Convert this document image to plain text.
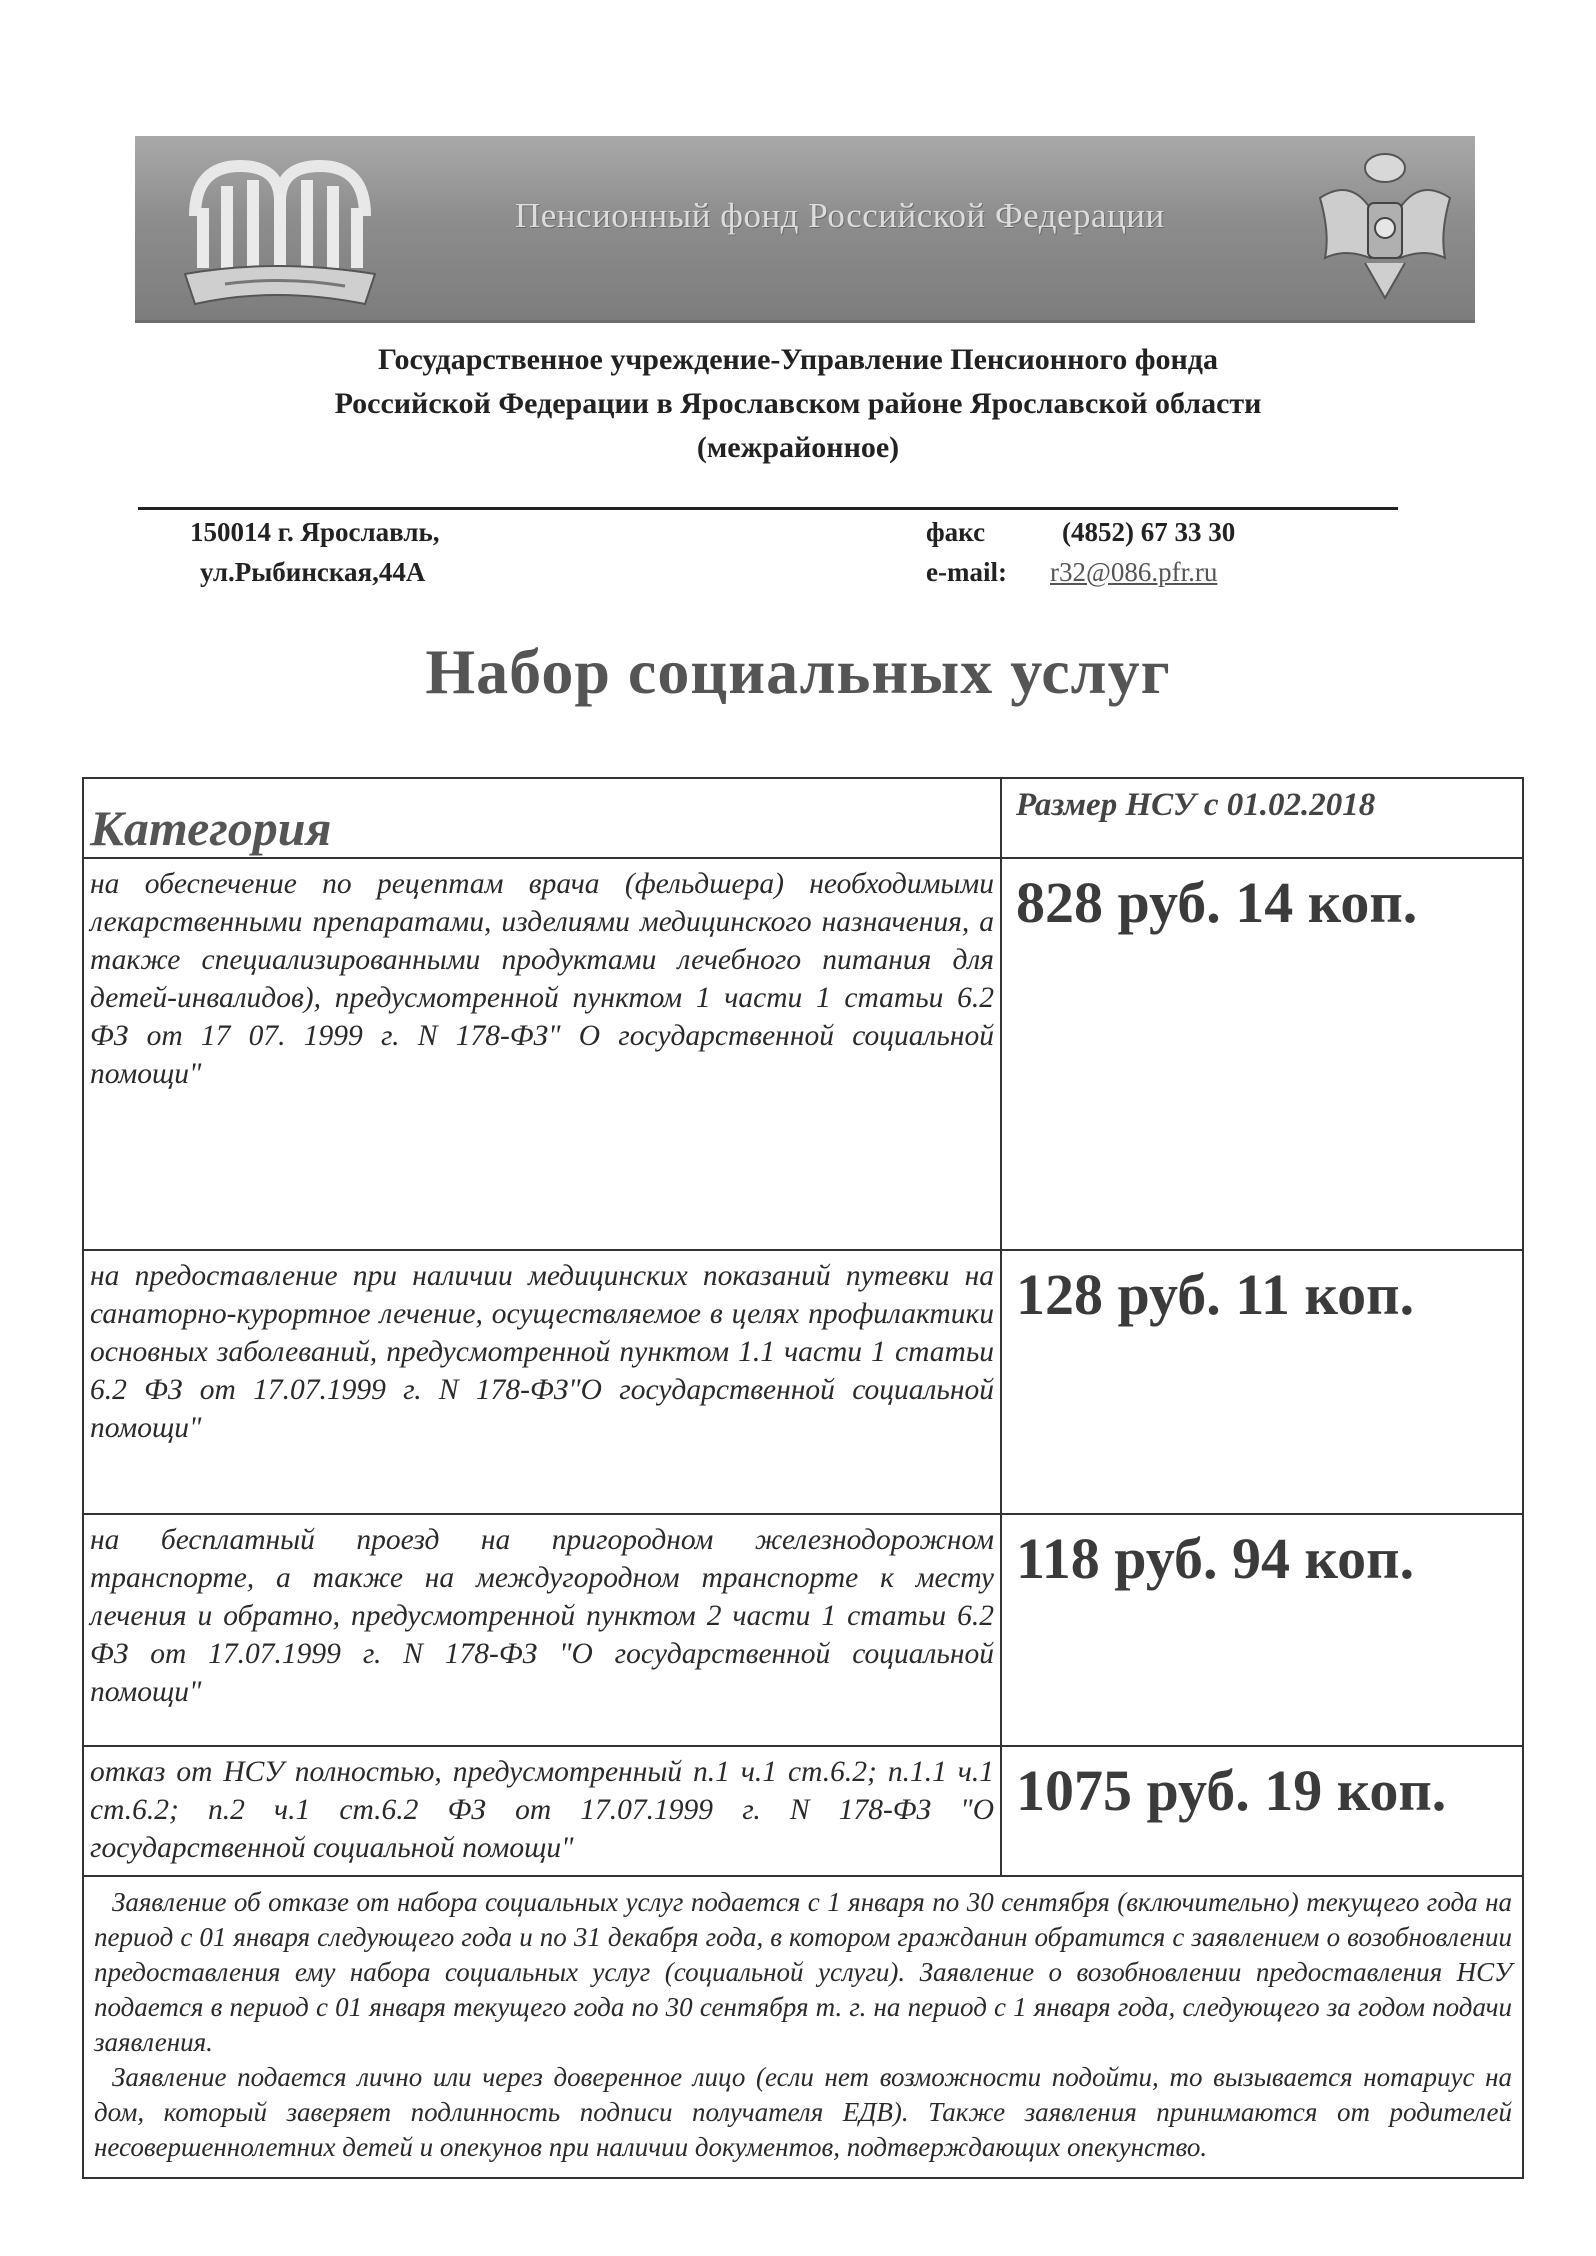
Пенсионный фонд Российской Федерации
Государственное учреждение-Управление Пенсионного фонда
Российской Федерации в Ярославском районе Ярославской области
(межрайонное)
150014 г. Ярославль,
ул.Рыбинская,44А
факс	(4852) 67 33 30
e-mail: r32@086.pfr.ru
Набор социальных услуг
Категория	Размер НСУ с 01.02.2018
на обеспечение по рецептам врача (фельдшера) необходимыми лекарственными препаратами, изделиями медицинского назначения, а также специализированными продуктами лечебного питания для детей-инвалидов), предусмотренной пунктом 1 части 1 статьи 6.2 ФЗ от 17 07. 1999 г. N 178-ФЗ" О государственной социальной помощи"	828 руб. 14 коп.
на предоставление при наличии медицинских показаний путевки на санаторно-курортное лечение, осуществляемое в целях профилактики основных заболеваний, предусмотренной пунктом 1.1 части 1 статьи 6.2 ФЗ от 17.07.1999 г. N 178-ФЗ"О государственной социальной помощи"	128 руб. 11 коп.
на бесплатный проезд на пригородном железнодорожном транспорте, а также на междугородном транспорте к месту лечения и обратно, предусмотренной пунктом 2 части 1 статьи 6.2 ФЗ от 17.07.1999 г. N 178-ФЗ "О государственной социальной помощи"	118 руб. 94 коп.
отказ от НСУ полностью, предусмотренный п.1 ч.1 ст.6.2; п.1.1 ч.1 ст.6.2; п.2 ч.1 ст.6.2 ФЗ от 17.07.1999 г. N 178-ФЗ "О государственной социальной помощи"	1075 руб. 19 коп.

Заявление об отказе от набора социальных услуг подается с 1 января по 30 сентября (включительно) текущего года на период с 01 января следующего года и по 31 декабря года, в котором гражданин обратится с заявлением о возобновлении предоставления ему набора социальных услуг (социальной услуги). Заявление о возобновлении предоставления НСУ подается в период с 01 января текущего года по 30 сентября т. г. на период с 1 января года, следующего за годом подачи заявления.

Заявление подается лично или через доверенное лицо (если нет возможности подойти, то вызывается нотариус на дом, который заверяет подлинность подписи получателя ЕДВ). Также заявления принимаются от родителей несовершеннолетних детей и опекунов при наличии документов, подтверждающих опекунство.	
